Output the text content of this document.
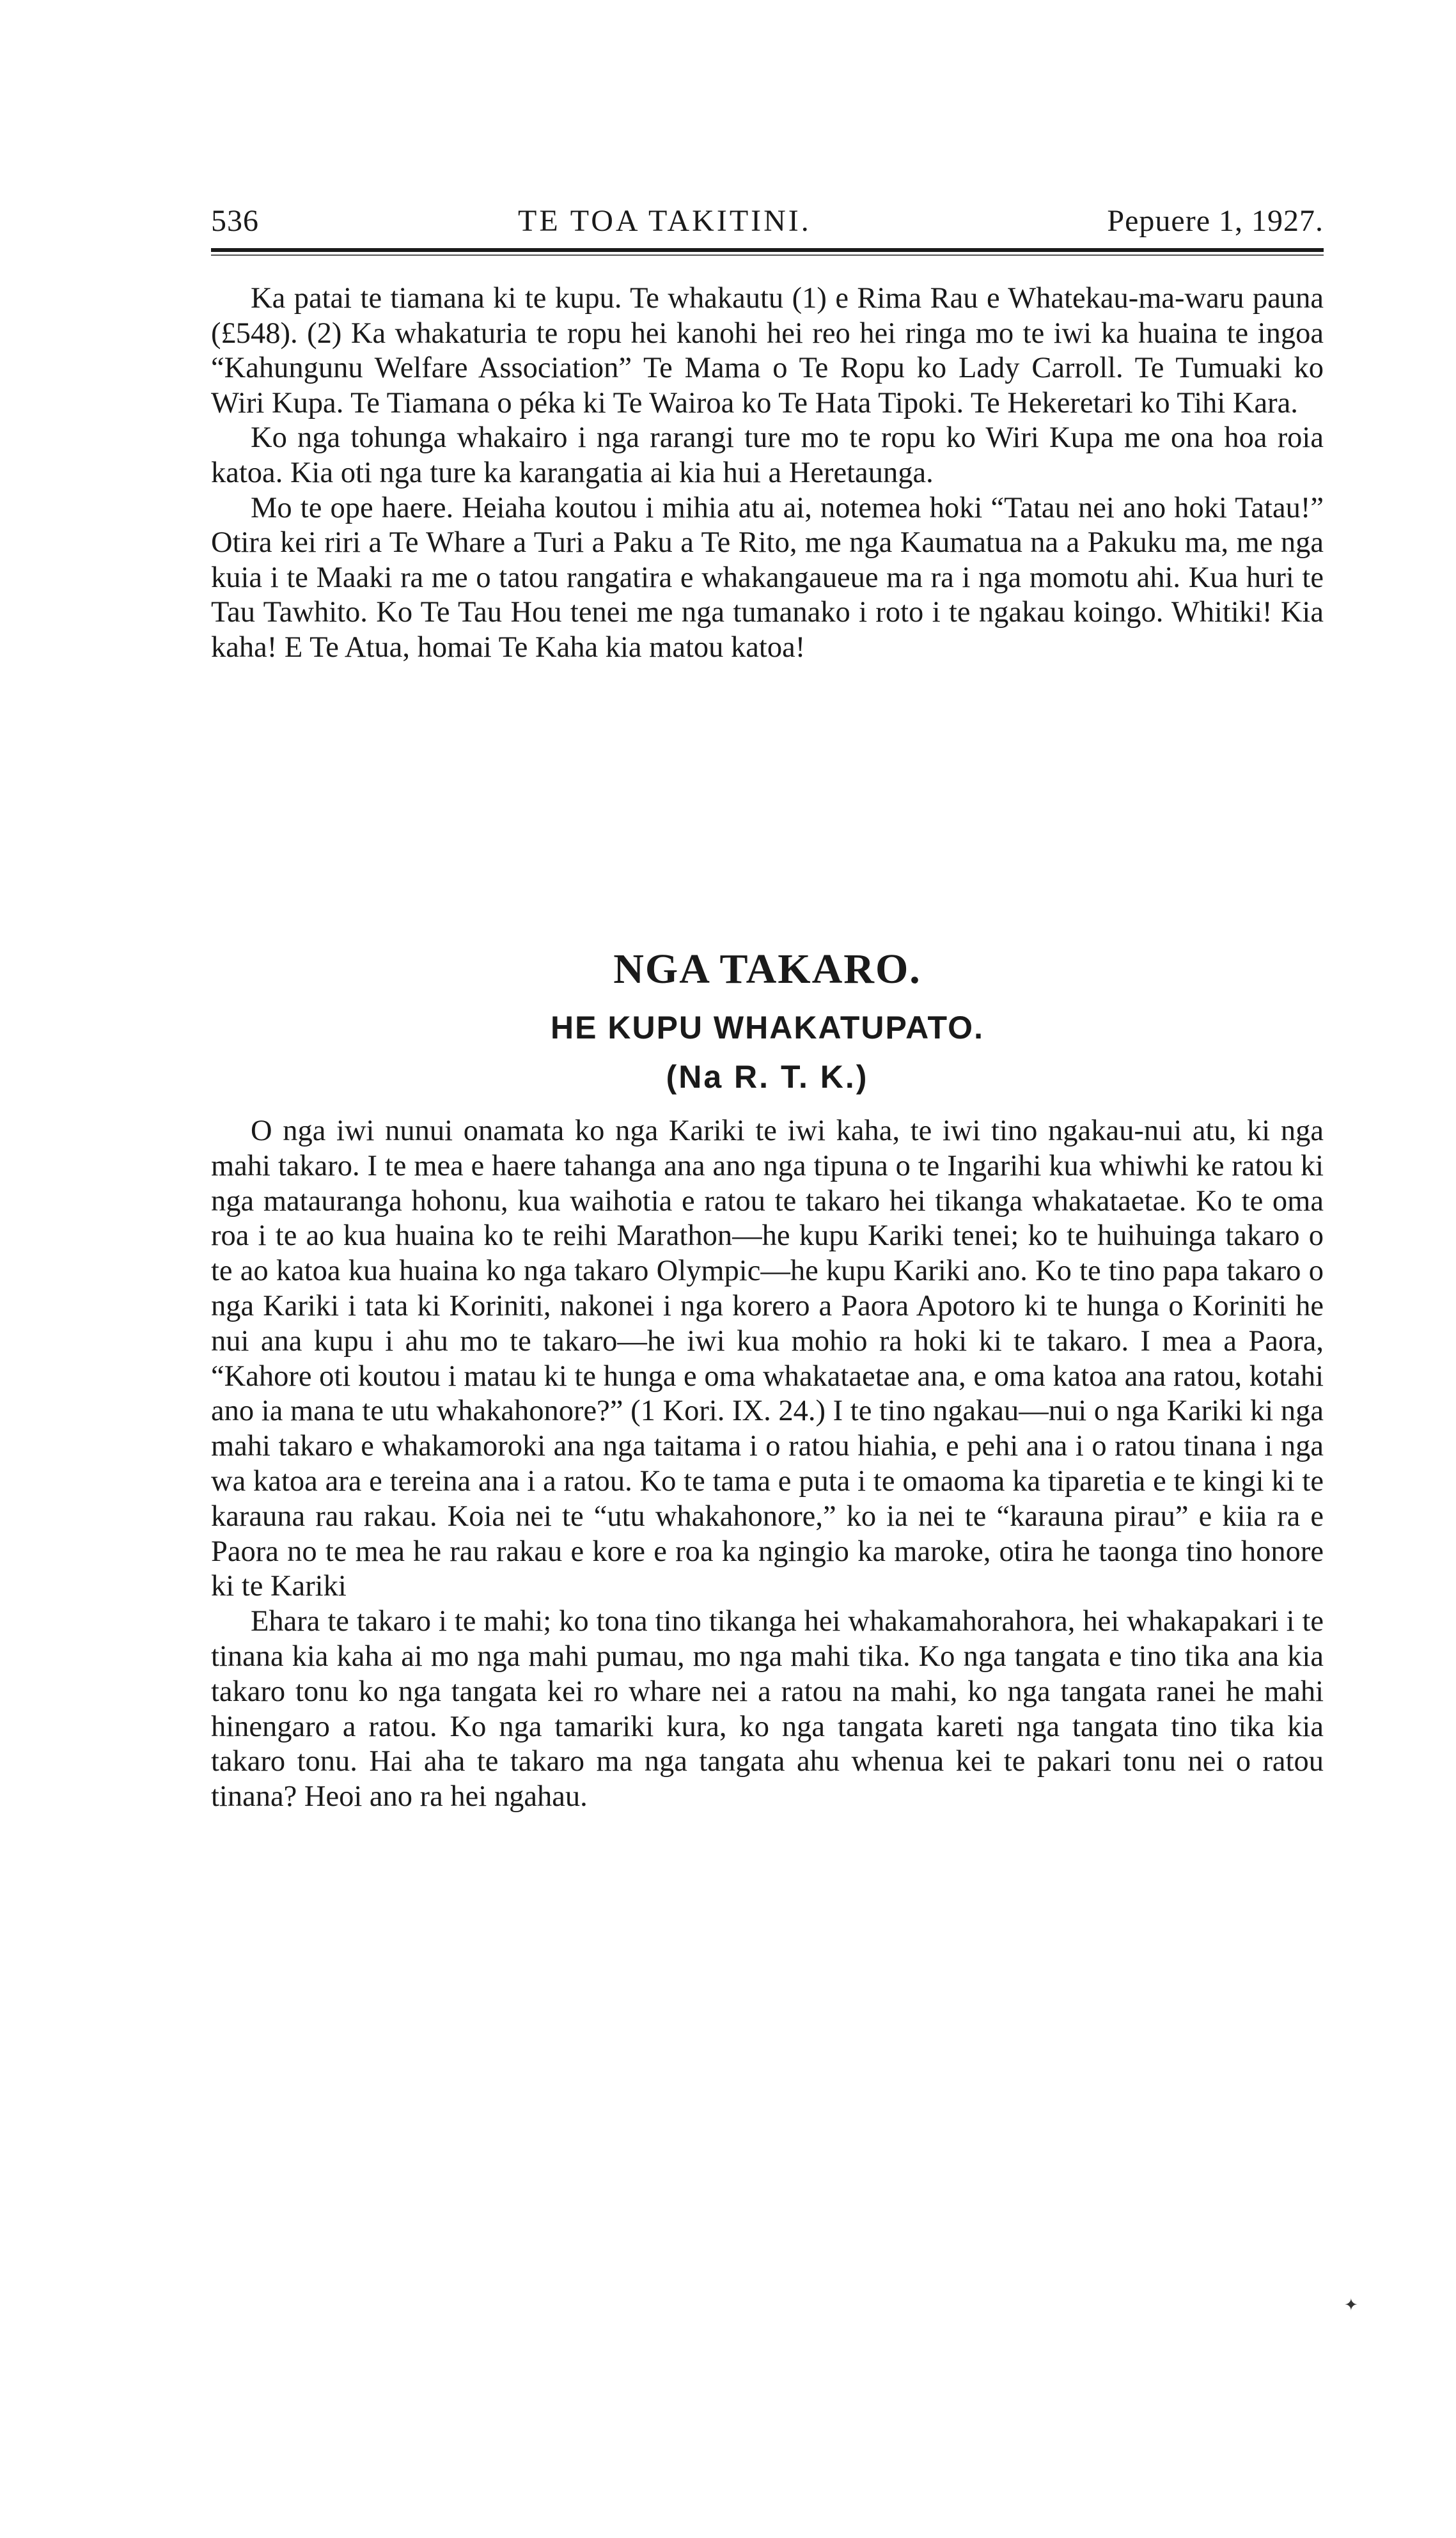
536	TE TOA TAKITINI.	Pepuere 1, 1927.

Ka patai te tiamana ki te kupu. Te whakautu (1) e Rima Rau e Whatekau-ma-waru pauna (£548). (2) Ka whakaturia te ropu hei kanohi hei reo hei ringa mo te iwi ka huaina te ingoa “Kahungunu Welfare Association” Te Mama o Te Ropu ko Lady Carroll. Te Tumuaki ko Wiri Kupa. Te Tiamana o péka ki Te Wairoa ko Te Hata Tipoki. Te Hekeretari ko Tihi Kara.

Ko nga tohunga whakairo i nga rarangi ture mo te ropu ko Wiri Kupa me ona hoa roia katoa. Kia oti nga ture ka karangatia ai kia hui a Heretaunga.

Mo te ope haere. Heiaha koutou i mihia atu ai, notemea hoki “Tatau nei ano hoki Tatau!” Otira kei riri a Te Whare a Turi a Paku a Te Rito, me nga Kaumatua na a Pakuku ma, me nga kuia i te Maaki ra me o tatou rangatira e whakangaueue ma ra i nga momotu ahi. Kua huri te Tau Tawhito. Ko Te Tau Hou tenei me nga tumanako i roto i te ngakau koingo. Whitiki! Kia kaha! E Te Atua, homai Te Kaha kia matou katoa!

NGA TAKARO.
HE KUPU WHAKATUPATO.
(Na R. T. K.)

O nga iwi nunui onamata ko nga Kariki te iwi kaha, te iwi tino ngakau-nui atu, ki nga mahi takaro. I te mea e haere tahanga ana ano nga tipuna o te Ingarihi kua whiwhi ke ratou ki nga matauranga hohonu, kua waihotia e ratou te takaro hei tikanga whakataetae. Ko te oma roa i te ao kua huaina ko te reihi Marathon—he kupu Kariki tenei; ko te huihuinga takaro o te ao katoa kua huaina ko nga takaro Olympic—he kupu Kariki ano. Ko te tino papa takaro o nga Kariki i tata ki Koriniti, nakonei i nga korero a Paora Apotoro ki te hunga o Koriniti he nui ana kupu i ahu mo te takaro—he iwi kua mohio ra hoki ki te takaro. I mea a Paora, “Kahore oti koutou i matau ki te hunga e oma whakataetae ana, e oma katoa ana ratou, kotahi ano ia mana te utu whakahonore?” (1 Kori. IX. 24.) I te tino ngakau—nui o nga Kariki ki nga mahi takaro e whakamoroki ana nga taitama i o ratou hiahia, e pehi ana i o ratou tinana i nga wa katoa ara e tereina ana i a ratou. Ko te tama e puta i te omaoma ka tiparetia e te kingi ki te karauna rau rakau. Koia nei te “utu whakahonore,” ko ia nei te “karauna pirau” e kiia ra e Paora no te mea he rau rakau e kore e roa ka ngingio ka maroke, otira he taonga tino honore ki te Kariki

Ehara te takaro i te mahi; ko tona tino tikanga hei whakamahorahora, hei whakapakari i te tinana kia kaha ai mo nga mahi pumau, mo nga mahi tika. Ko nga tangata e tino tika ana kia takaro tonu ko nga tangata kei ro whare nei a ratou na mahi, ko nga tangata ranei he mahi hinengaro a ratou. Ko nga tamariki kura, ko nga tangata kareti nga tangata tino tika kia takaro tonu. Hai aha te takaro ma nga tangata ahu whenua kei te pakari tonu nei o ratou tinana? Heoi ano ra hei ngahau.

✦
